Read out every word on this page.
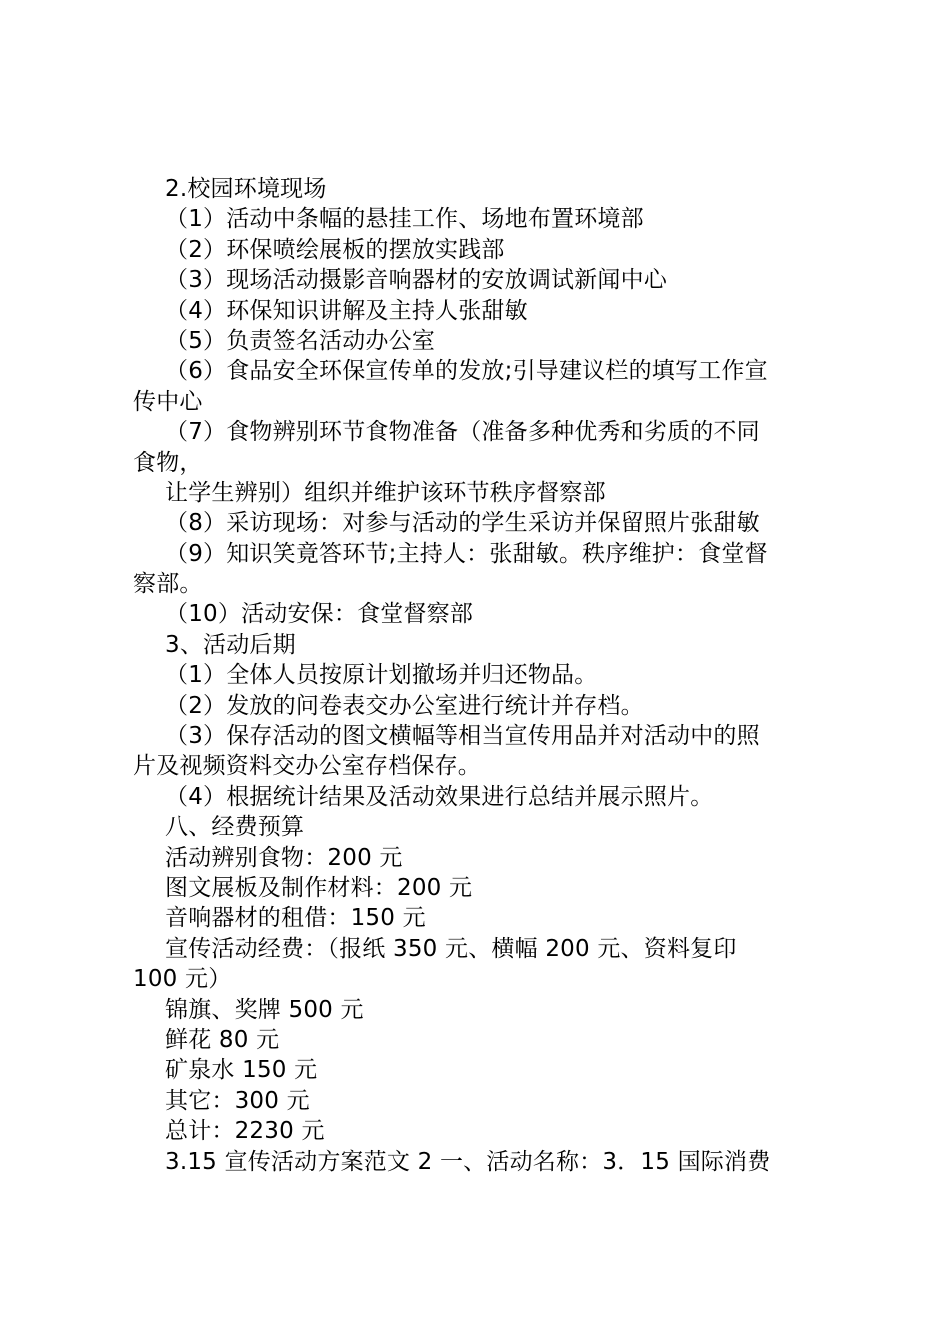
2.校园环境现场
（1）活动中条幅的悬挂工作、场地布置环境部
（2）环保喷绘展板的摆放实践部
（3）现场活动摄影音响器材的安放调试新闻中心
（4）环保知识讲解及主持人张甜敏
（5）负责签名活动办公室
（6）食品安全环保宣传单的发放;引导建议栏的填写工作宣
传中心
（7）食物辨别环节食物准备（准备多种优秀和劣质的不同
食物，
让学生辨别）组织并维护该环节秩序督察部
（8）采访现场：对参与活动的学生采访并保留照片张甜敏
（9）知识笑竟答环节;主持人：张甜敏。秩序维护：食堂督
察部。
（10）活动安保：食堂督察部
3、活动后期
（1）全体人员按原计划撤场并归还物品。
（2）发放的问卷表交办公室进行统计并存档。
（3）保存活动的图文横幅等相当宣传用品并对活动中的照
片及视频资料交办公室存档保存。
（4）根据统计结果及活动效果进行总结并展示照片。
八、经费预算
活动辨别食物：200 元
图文展板及制作材料：200 元
音响器材的租借：150 元
宣传活动经费：（报纸 350 元、横幅 200 元、资料复印
100 元）
锦旗、奖牌 500 元
鲜花 80 元
矿泉水 150 元
其它：300 元
总计：2230 元
3.15 宣传活动方案范文 2 一、活动名称：3．15 国际消费
